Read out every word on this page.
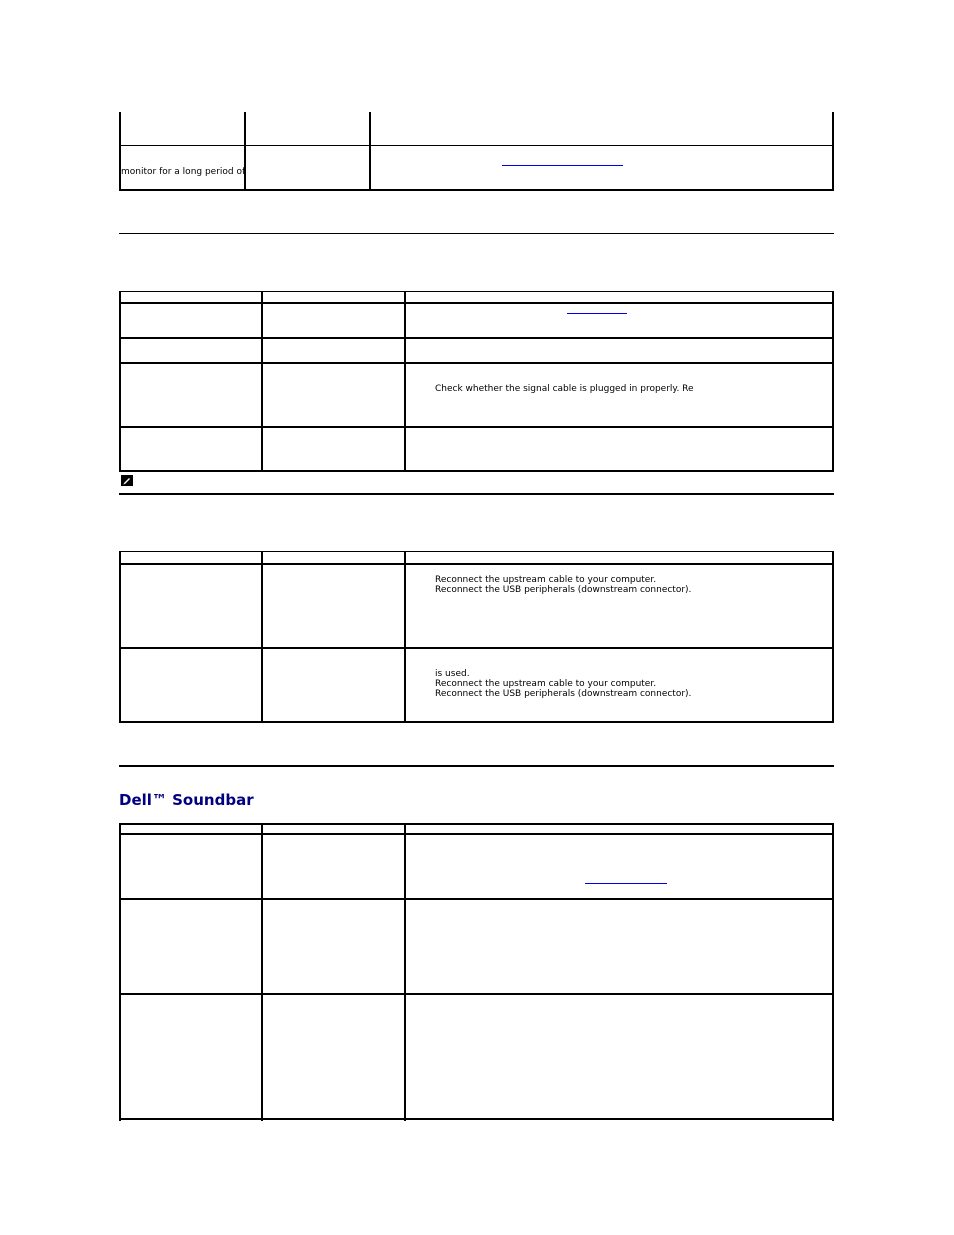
monitor for a long period of
Check whether the signal cable is plugged in properly. Re
Reconnect the upstream cable to your computer.
Reconnect the USB peripherals (downstream connector).
is used.
Reconnect the upstream cable to your computer.
Reconnect the USB peripherals (downstream connector).
Dell™ Soundbar
